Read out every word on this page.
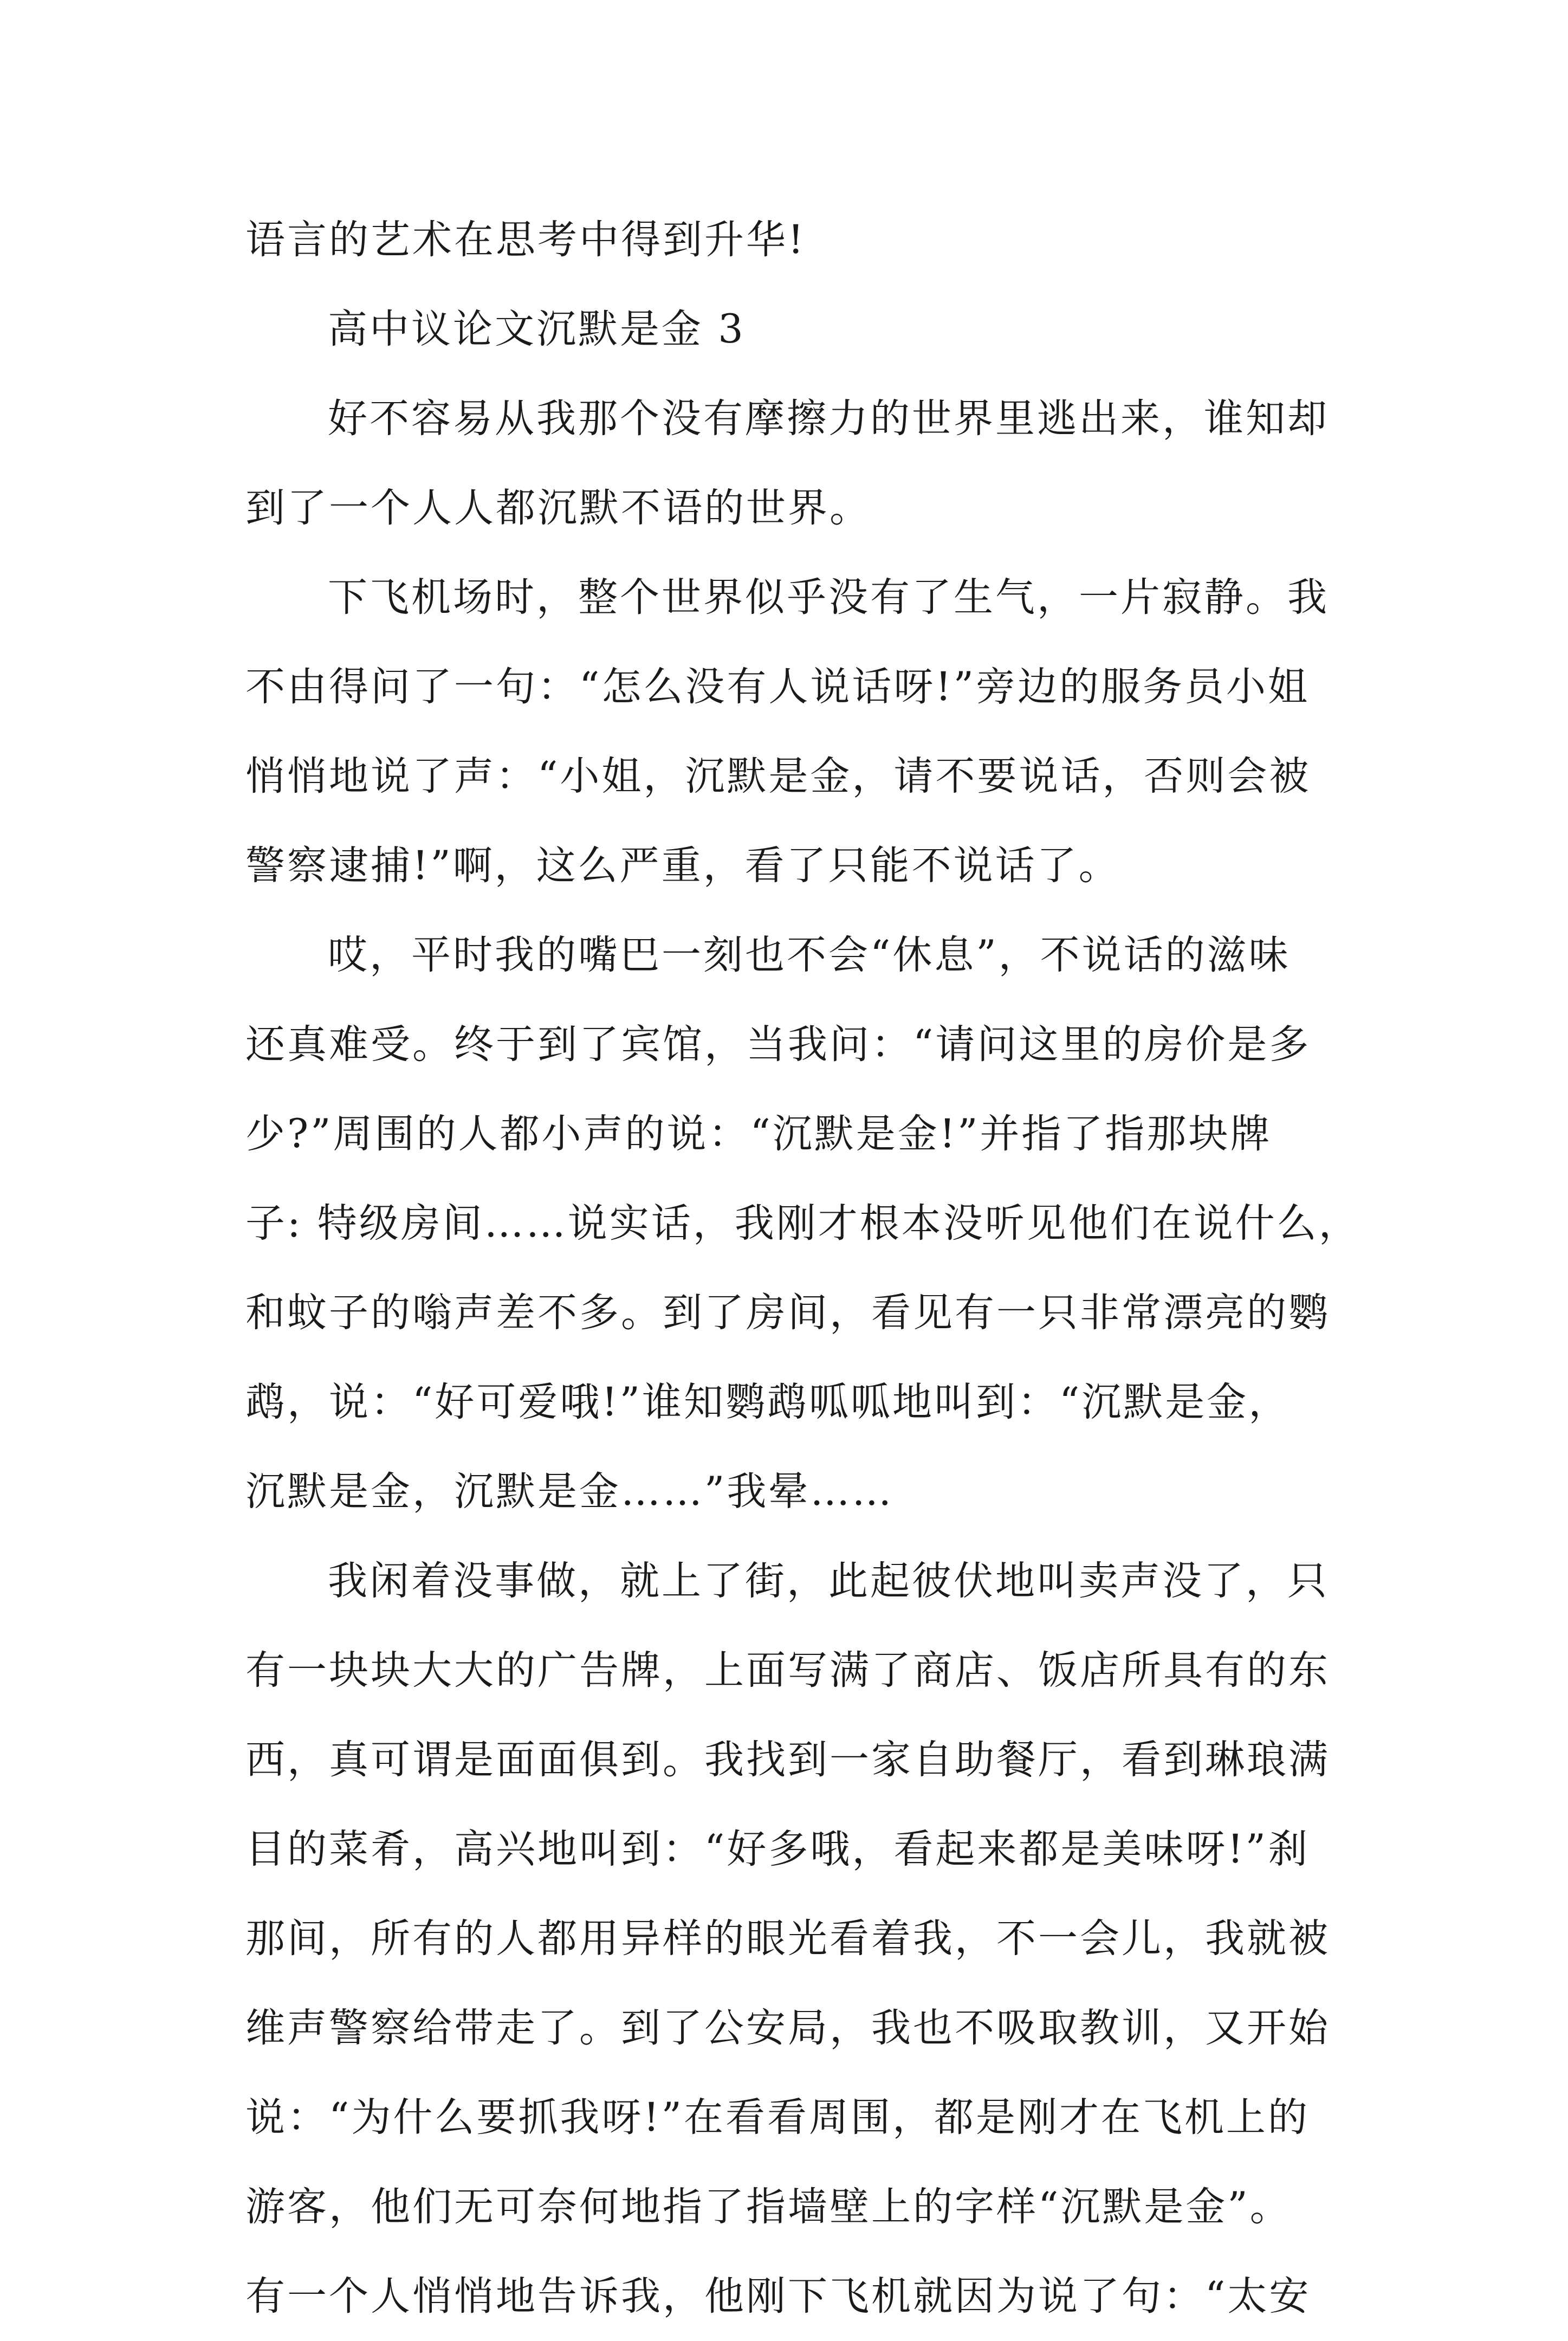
语言的艺术在思考中得到升华!
高中议论文沉默是金 3
好不容易从我那个没有摩擦力的世界里逃出来，谁知却
到了一个人人都沉默不语的世界。
下飞机场时，整个世界似乎没有了生气，一片寂静。我
不由得问了一句：“怎么没有人说话呀!”旁边的服务员小姐
悄悄地说了声：“小姐，沉默是金，请不要说话，否则会被
警察逮捕!”啊，这么严重，看了只能不说话了。
哎，平时我的嘴巴一刻也不会“休息”，不说话的滋味
还真难受。终于到了宾馆，当我问：“请问这里的房价是多
少?”周围的人都小声的说：“沉默是金!”并指了指那块牌
子: 特级房间……说实话，我刚才根本没听见他们在说什么，
和蚊子的嗡声差不多。到了房间，看见有一只非常漂亮的鹦
鹉，说：“好可爱哦!”谁知鹦鹉呱呱地叫到：“沉默是金，
沉默是金，沉默是金……”我晕……
我闲着没事做，就上了街，此起彼伏地叫卖声没了，只
有一块块大大的广告牌，上面写满了商店、饭店所具有的东
西，真可谓是面面俱到。我找到一家自助餐厅，看到琳琅满
目的菜肴，高兴地叫到：“好多哦，看起来都是美味呀!”刹
那间，所有的人都用异样的眼光看着我，不一会儿，我就被
维声警察给带走了。到了公安局，我也不吸取教训，又开始
说：“为什么要抓我呀!”在看看周围，都是刚才在飞机上的
游客，他们无可奈何地指了指墙壁上的字样“沉默是金”。
有一个人悄悄地告诉我，他刚下飞机就因为说了句：“太安
